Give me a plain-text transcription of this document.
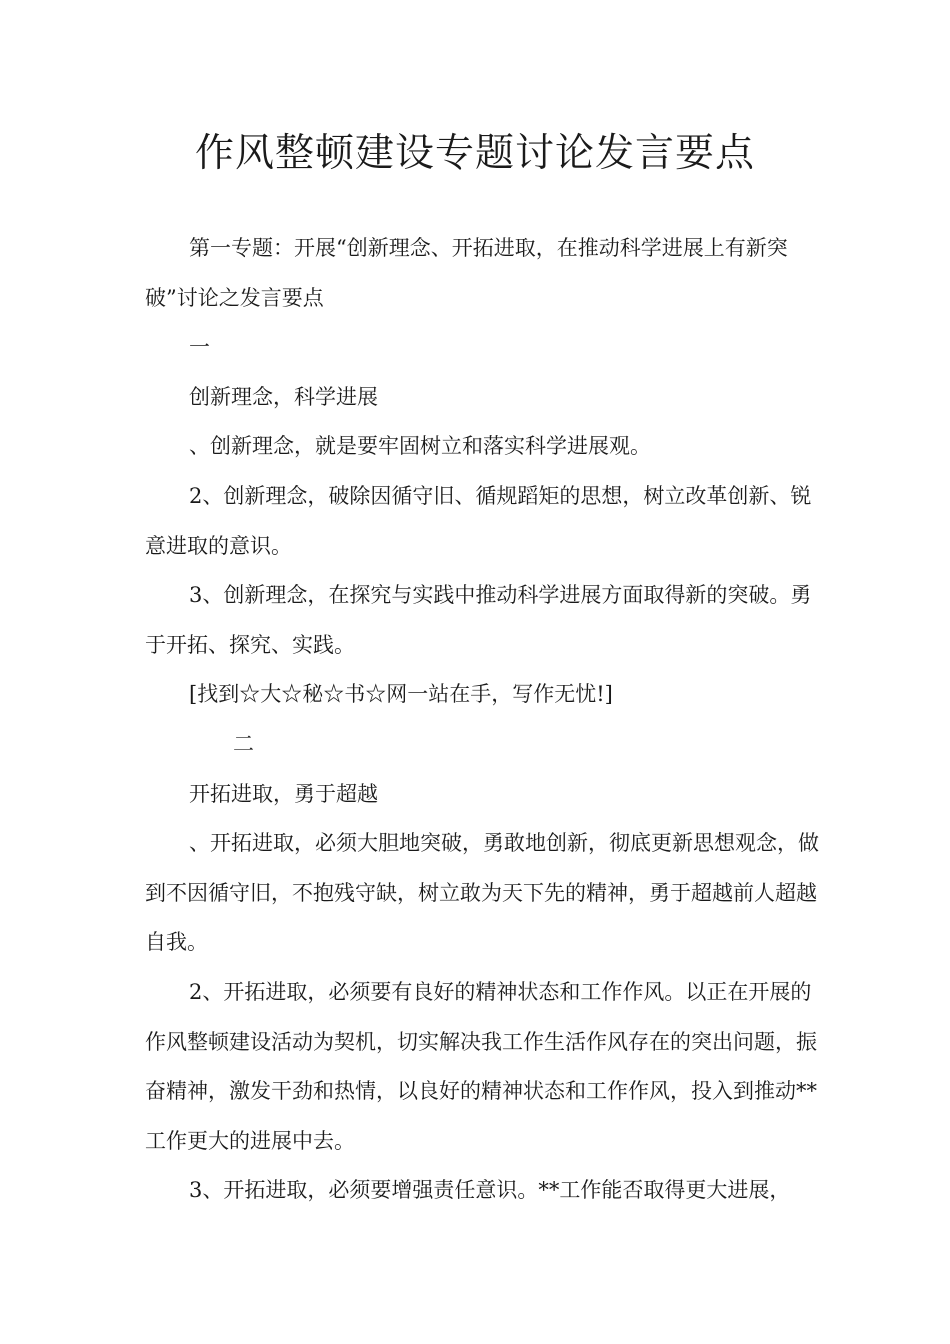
作风整顿建设专题讨论发言要点

第一专题：开展“创新理念、开拓进取，在推动科学进展上有新突破”讨论之发言要点

一

创新理念，科学进展

、创新理念，就是要牢固树立和落实科学进展观。

2、创新理念，破除因循守旧、循规蹈矩的思想，树立改革创新、锐意进取的意识。

3、创新理念，在探究与实践中推动科学进展方面取得新的突破。勇于开拓、探究、实践。

[找到☆大☆秘☆书☆网一站在手，写作无忧!]

二

开拓进取，勇于超越

、开拓进取，必须大胆地突破，勇敢地创新，彻底更新思想观念，做到不因循守旧，不抱残守缺，树立敢为天下先的精神，勇于超越前人超越自我。

2、开拓进取，必须要有良好的精神状态和工作作风。以正在开展的作风整顿建设活动为契机，切实解决我工作生活作风存在的突出问题，振奋精神，激发干劲和热情，以良好的精神状态和工作作风，投入到推动**工作更大的进展中去。

3、开拓进取，必须要增强责任意识。**工作能否取得更大进展，
